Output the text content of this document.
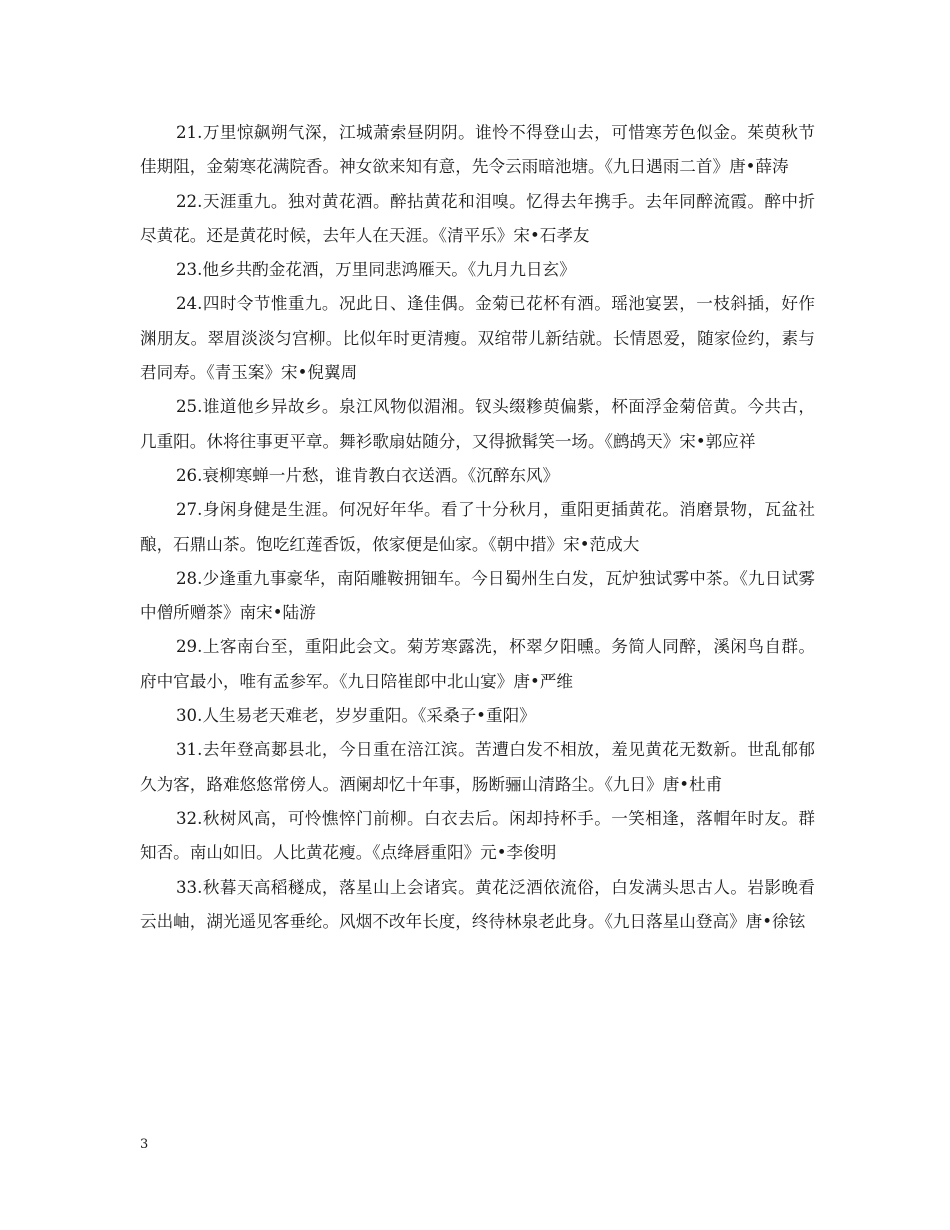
21.万里惊飙朔气深，江城萧索昼阴阴。谁怜不得登山去，可惜寒芳色似金。茱萸秋节佳期阻，金菊寒花满院香。神女欲来知有意，先令云雨暗池塘。《九日遇雨二首》唐•薛涛

22.天涯重九。独对黄花酒。醉拈黄花和泪嗅。忆得去年携手。去年同醉流霞。醉中折尽黄花。还是黄花时候，去年人在天涯。《清平乐》宋•石孝友

23.他乡共酌金花酒，万里同悲鸿雁天。《九月九日玄》

24.四时令节惟重九。况此日、逢佳偶。金菊已花杯有酒。瑶池宴罢，一枝斜插，好作渊朋友。翠眉淡淡匀宫柳。比似年时更清瘦。双绾带儿新结就。长情恩爱，随家俭约，素与君同寿。《青玉案》宋•倪翼周

25.谁道他乡异故乡。泉江风物似湄湘。钗头缀糁萸偏紫，杯面浮金菊倍黄。今共古，几重阳。休将往事更平章。舞衫歌扇姑随分，又得掀髯笑一场。《鹧鸪天》宋•郭应祥

26.衰柳寒蝉一片愁，谁肯教白衣送酒。《沉醉东风》

27.身闲身健是生涯。何况好年华。看了十分秋月，重阳更插黄花。消磨景物，瓦盆社酿，石鼎山茶。饱吃红莲香饭，侬家便是仙家。《朝中措》宋•范成大

28.少逢重九事豪华，南陌雕鞍拥钿车。今日蜀州生白发，瓦炉独试雾中茶。《九日试雾中僧所赠茶》南宋•陆游

29.上客南台至，重阳此会文。菊芳寒露洗，杯翠夕阳曛。务简人同醉，溪闲鸟自群。府中官最小，唯有孟参军。《九日陪崔郎中北山宴》唐•严维

30.人生易老天难老，岁岁重阳。《采桑子•重阳》

31.去年登高郪县北，今日重在涪江滨。苦遭白发不相放，羞见黄花无数新。世乱郁郁久为客，路难悠悠常傍人。酒阑却忆十年事，肠断骊山清路尘。《九日》唐•杜甫

32.秋树风高，可怜憔悴门前柳。白衣去后。闲却持杯手。一笑相逢，落帽年时友。群知否。南山如旧。人比黄花瘦。《点绛唇重阳》元•李俊明

33.秋暮天高稻穟成，落星山上会诸宾。黄花泛酒依流俗，白发满头思古人。岩影晚看云出岫，湖光遥见客垂纶。风烟不改年长度，终待林泉老此身。《九日落星山登高》唐•徐铉

3
